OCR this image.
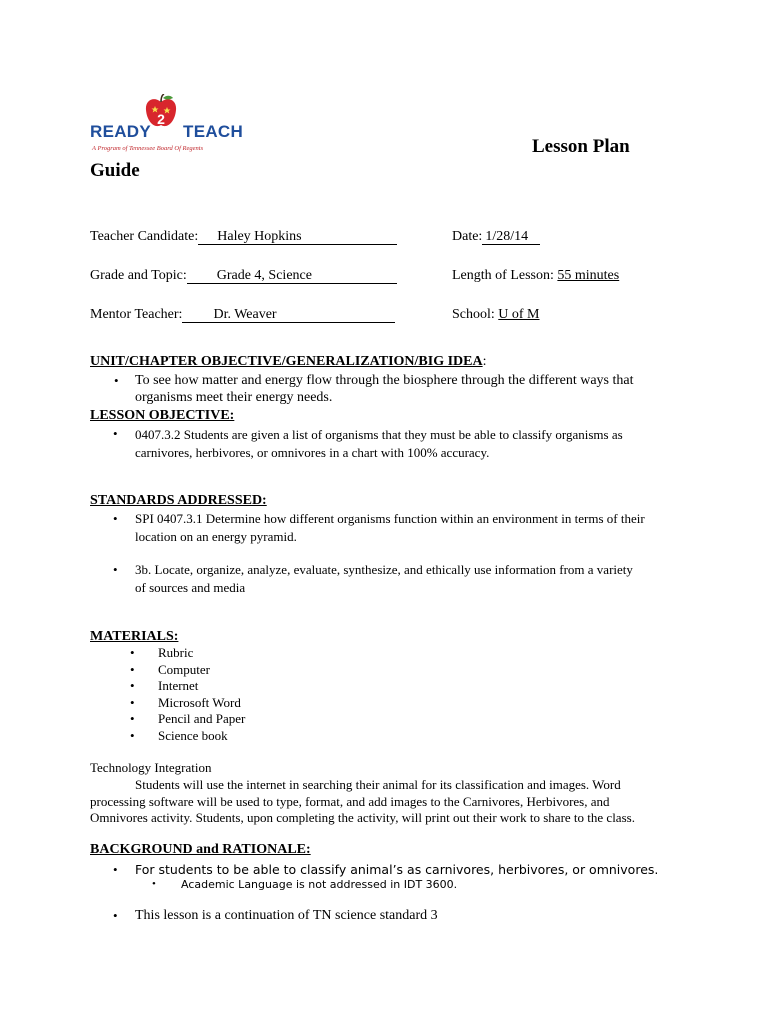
2
READY TEACH
A Program of Tennessee Board Of Regents	Lesson Plan
Guide
Teacher Candidate: Haley Hopkins	Date: 1/28/14
Grade and Topic: Grade 4, Science	Length of Lesson: 55 minutes
Mentor Teacher: Dr. Weaver	School: U of M
UNIT/CHAPTER OBJECTIVE/GENERALIZATION/BIG IDEA:
• To see how matter and energy flow through the biosphere through the different ways that
organisms meet their energy needs.
LESSON OBJECTIVE:
• 0407.3.2 Students are given a list of organisms that they must be able to classify organisms as
carnivores, herbivores, or omnivores in a chart with 100% accuracy.
STANDARDS ADDRESSED:
• SPI 0407.3.1 Determine how different organisms function within an environment in terms of their
location on an energy pyramid.
• 3b. Locate, organize, analyze, evaluate, synthesize, and ethically use information from a variety
of sources and media
MATERIALS:
• Rubric
• Computer
• Internet
• Microsoft Word
• Pencil and Paper
• Science book
Technology Integration
Students will use the internet in searching their animal for its classification and images. Word
processing software will be used to type, format, and add images to the Carnivores, Herbivores, and
Omnivores activity. Students, upon completing the activity, will print out their work to share to the class.
BACKGROUND and RATIONALE:
• For students to be able to classify animal’s as carnivores, herbivores, or omnivores.
• Academic Language is not addressed in IDT 3600.
• This lesson is a continuation of TN science standard 3
